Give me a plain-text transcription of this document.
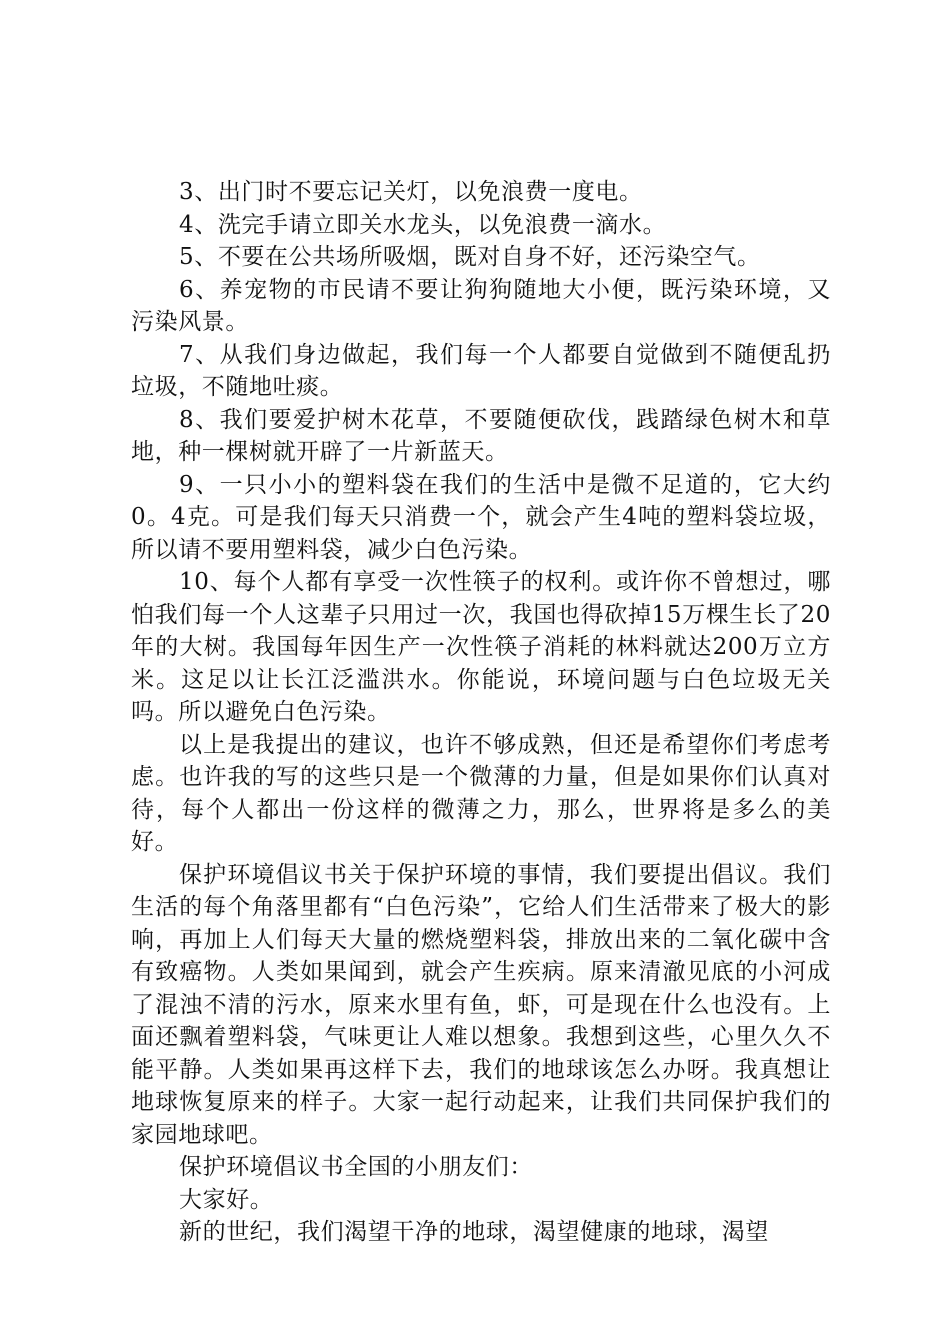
3、出门时不要忘记关灯，以免浪费一度电。

4、洗完手请立即关水龙头，以免浪费一滴水。

5、不要在公共场所吸烟，既对自身不好，还污染空气。

6、养宠物的市民请不要让狗狗随地大小便，既污染环境，又污染风景。

7、从我们身边做起，我们每一个人都要自觉做到不随便乱扔垃圾，不随地吐痰。

8、我们要爱护树木花草，不要随便砍伐，践踏绿色树木和草地，种一棵树就开辟了一片新蓝天。

9、一只小小的塑料袋在我们的生活中是微不足道的，它大约0。4克。可是我们每天只消费一个，就会产生4吨的塑料袋垃圾，所以请不要用塑料袋，减少白色污染。

10、每个人都有享受一次性筷子的权利。或许你不曾想过，哪怕我们每一个人这辈子只用过一次，我国也得砍掉15万棵生长了20年的大树。我国每年因生产一次性筷子消耗的林料就达200万立方米。这足以让长江泛滥洪水。你能说，环境问题与白色垃圾无关吗。所以避免白色污染。

以上是我提出的建议，也许不够成熟，但还是希望你们考虑考虑。也许我的写的这些只是一个微薄的力量，但是如果你们认真对待，每个人都出一份这样的微薄之力，那么，世界将是多么的美好。

保护环境倡议书关于保护环境的事情，我们要提出倡议。我们生活的每个角落里都有“白色污染”，它给人们生活带来了极大的影响，再加上人们每天大量的燃烧塑料袋，排放出来的二氧化碳中含有致癌物。人类如果闻到，就会产生疾病。原来清澈见底的小河成了混浊不清的污水，原来水里有鱼，虾，可是现在什么也没有。上面还飘着塑料袋，气味更让人难以想象。我想到这些，心里久久不能平静。人类如果再这样下去，我们的地球该怎么办呀。我真想让地球恢复原来的样子。大家一起行动起来，让我们共同保护我们的家园地球吧。

保护环境倡议书全国的小朋友们：

大家好。

新的世纪，我们渴望干净的地球，渴望健康的地球，渴望
